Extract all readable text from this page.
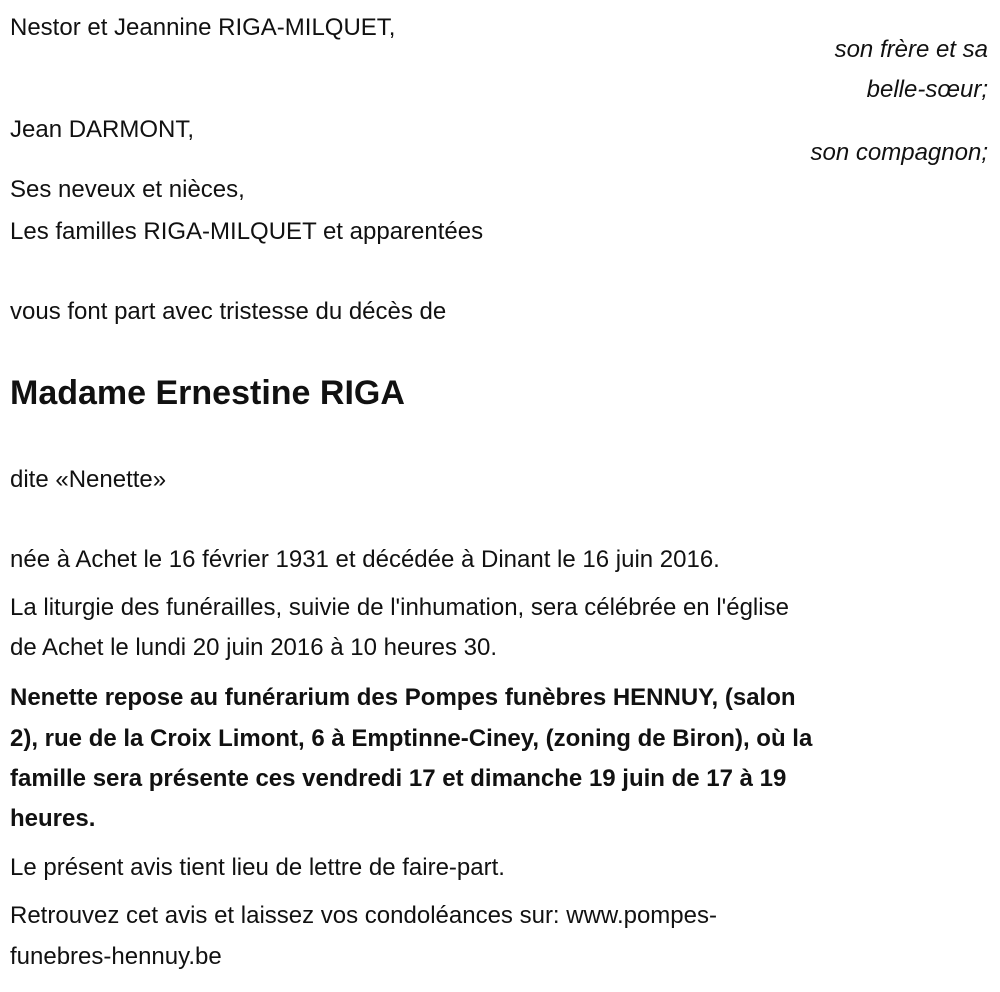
Nestor et Jeannine RIGA-MILQUET,
son frère et sa
belle-sœur;
Jean DARMONT,
son compagnon;
Ses neveux et nièces,
Les familles RIGA-MILQUET et apparentées
vous font part avec tristesse du décès de
Madame Ernestine RIGA
dite «Nenette»
née à Achet le 16 février 1931 et décédée à Dinant le 16 juin 2016.
La liturgie des funérailles, suivie de l'inhumation, sera célébrée en l'église
de Achet le lundi 20 juin 2016 à 10 heures 30.
Nenette repose au funérarium des Pompes funèbres HENNUY, (salon
2), rue de la Croix Limont, 6 à Emptinne-Ciney, (zoning de Biron), où la
famille sera présente ces vendredi 17 et dimanche 19 juin de 17 à 19
heures.
Le présent avis tient lieu de lettre de faire-part.
Retrouvez cet avis et laissez vos condoléances sur: www.pompes-
funebres-hennuy.be
